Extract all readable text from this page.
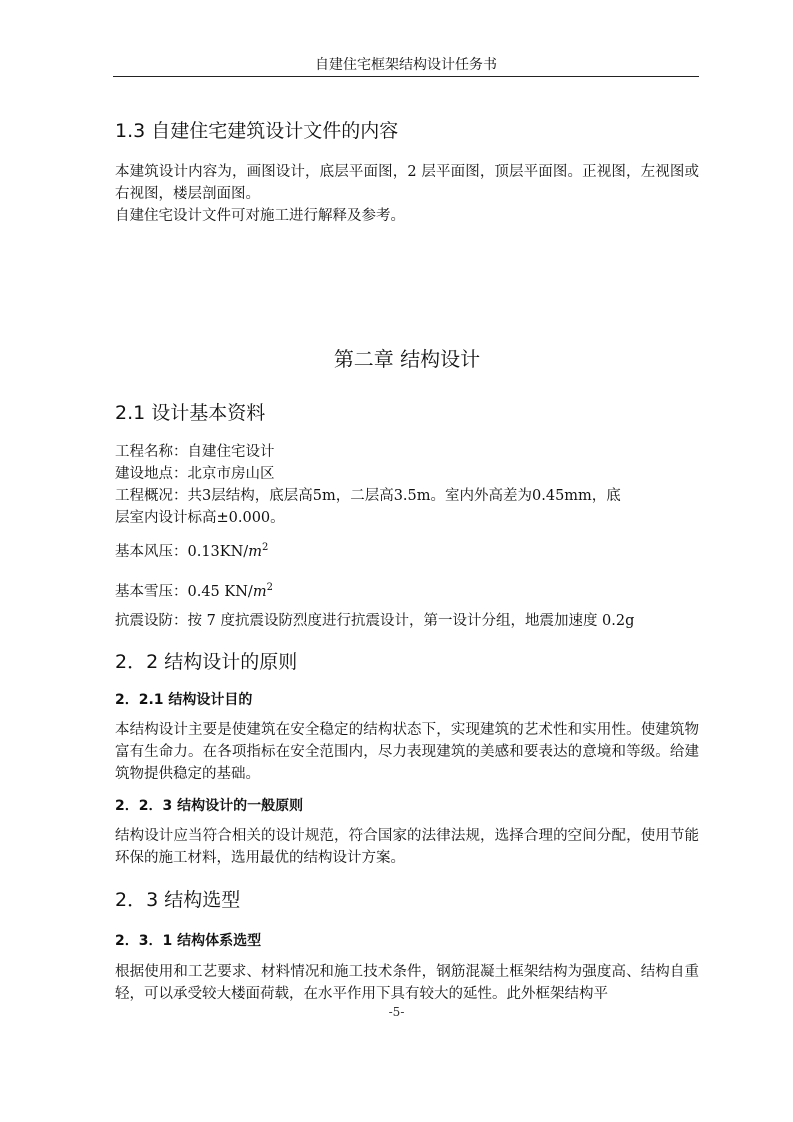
自建住宅框架结构设计任务书
1.3 自建住宅建筑设计文件的内容

本建筑设计内容为，画图设计，底层平面图，2 层平面图，顶层平面图。正视图，左视图或右视图，楼层剖面图。

自建住宅设计文件可对施工进行解释及参考。

第二章 结构设计
2.1 设计基本资料
工程名称：自建住宅设计
建设地点：北京市房山区
工程概况：共3层结构，底层高5m，二层高3.5m。室内外高差为0.45mm，底
层室内设计标高±0.000。
基本风压：$0.13KN/m^2$
基本雪压：0.45 $KN/m^2$
抗震设防：按 7 度抗震设防烈度进行抗震设计，第一设计分组，地震加速度 0.2g
2．2 结构设计的原则
2．2.1 结构设计目的

本结构设计主要是使建筑在安全稳定的结构状态下，实现建筑的艺术性和实用性。使建筑物富有生命力。在各项指标在安全范围内，尽力表现建筑的美感和要表达的意境和等级。给建筑物提供稳定的基础。

2．2．3 结构设计的一般原则

结构设计应当符合相关的设计规范，符合国家的法律法规，选择合理的空间分配，使用节能环保的施工材料，选用最优的结构设计方案。

2．3 结构选型
2．3．1 结构体系选型

根据使用和工艺要求、材料情况和施工技术条件，钢筋混凝土框架结构为强度高、结构自重轻，可以承受较大楼面荷载，在水平作用下具有较大的延性。此外框架结构平

-5-
